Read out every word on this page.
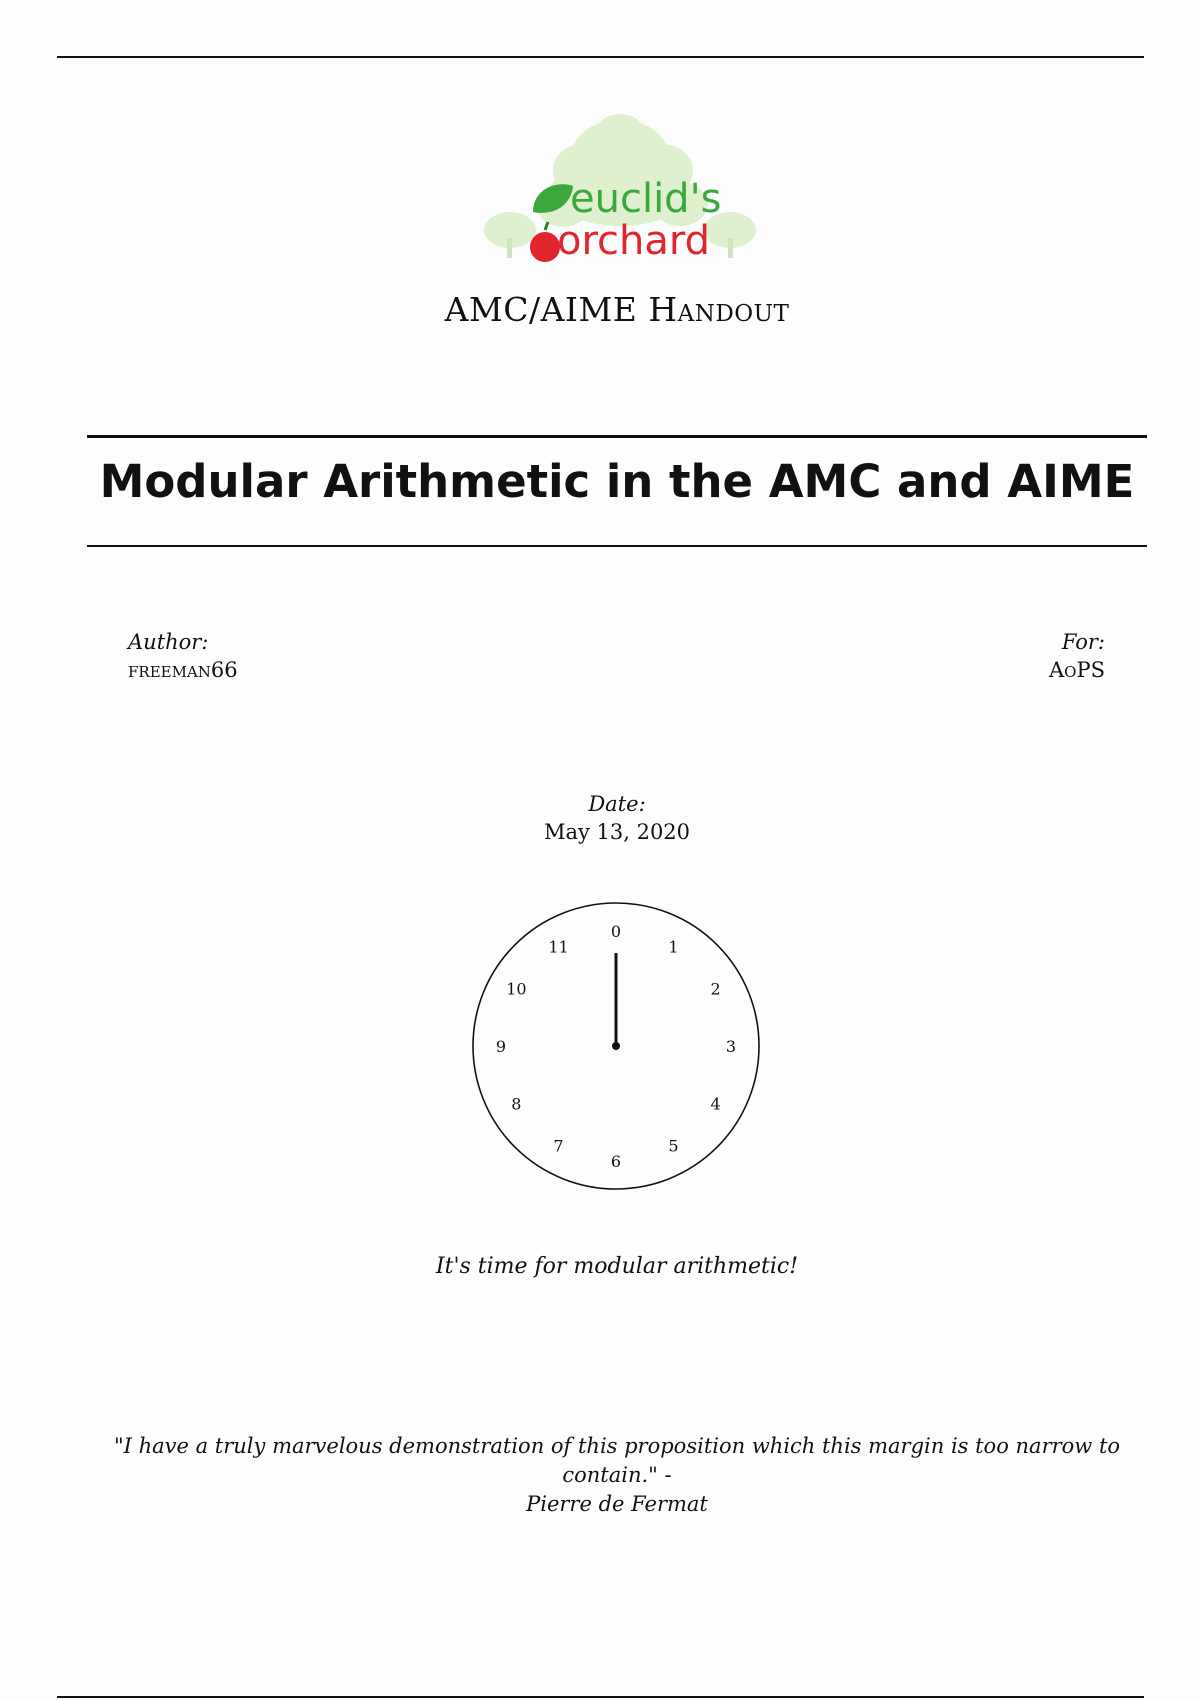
euclid's
orchard
AMC/AIME Handout
Modular Arithmetic in the AMC and AIME
Author:
freeman66
For:
AoPS
Date:
May 13, 2020
0
1
2
3
4
5
6
7
8
9
10
11
It's time for modular arithmetic!
"I have a truly marvelous demonstration of this proposition which this margin is too narrow to contain." -
Pierre de Fermat
